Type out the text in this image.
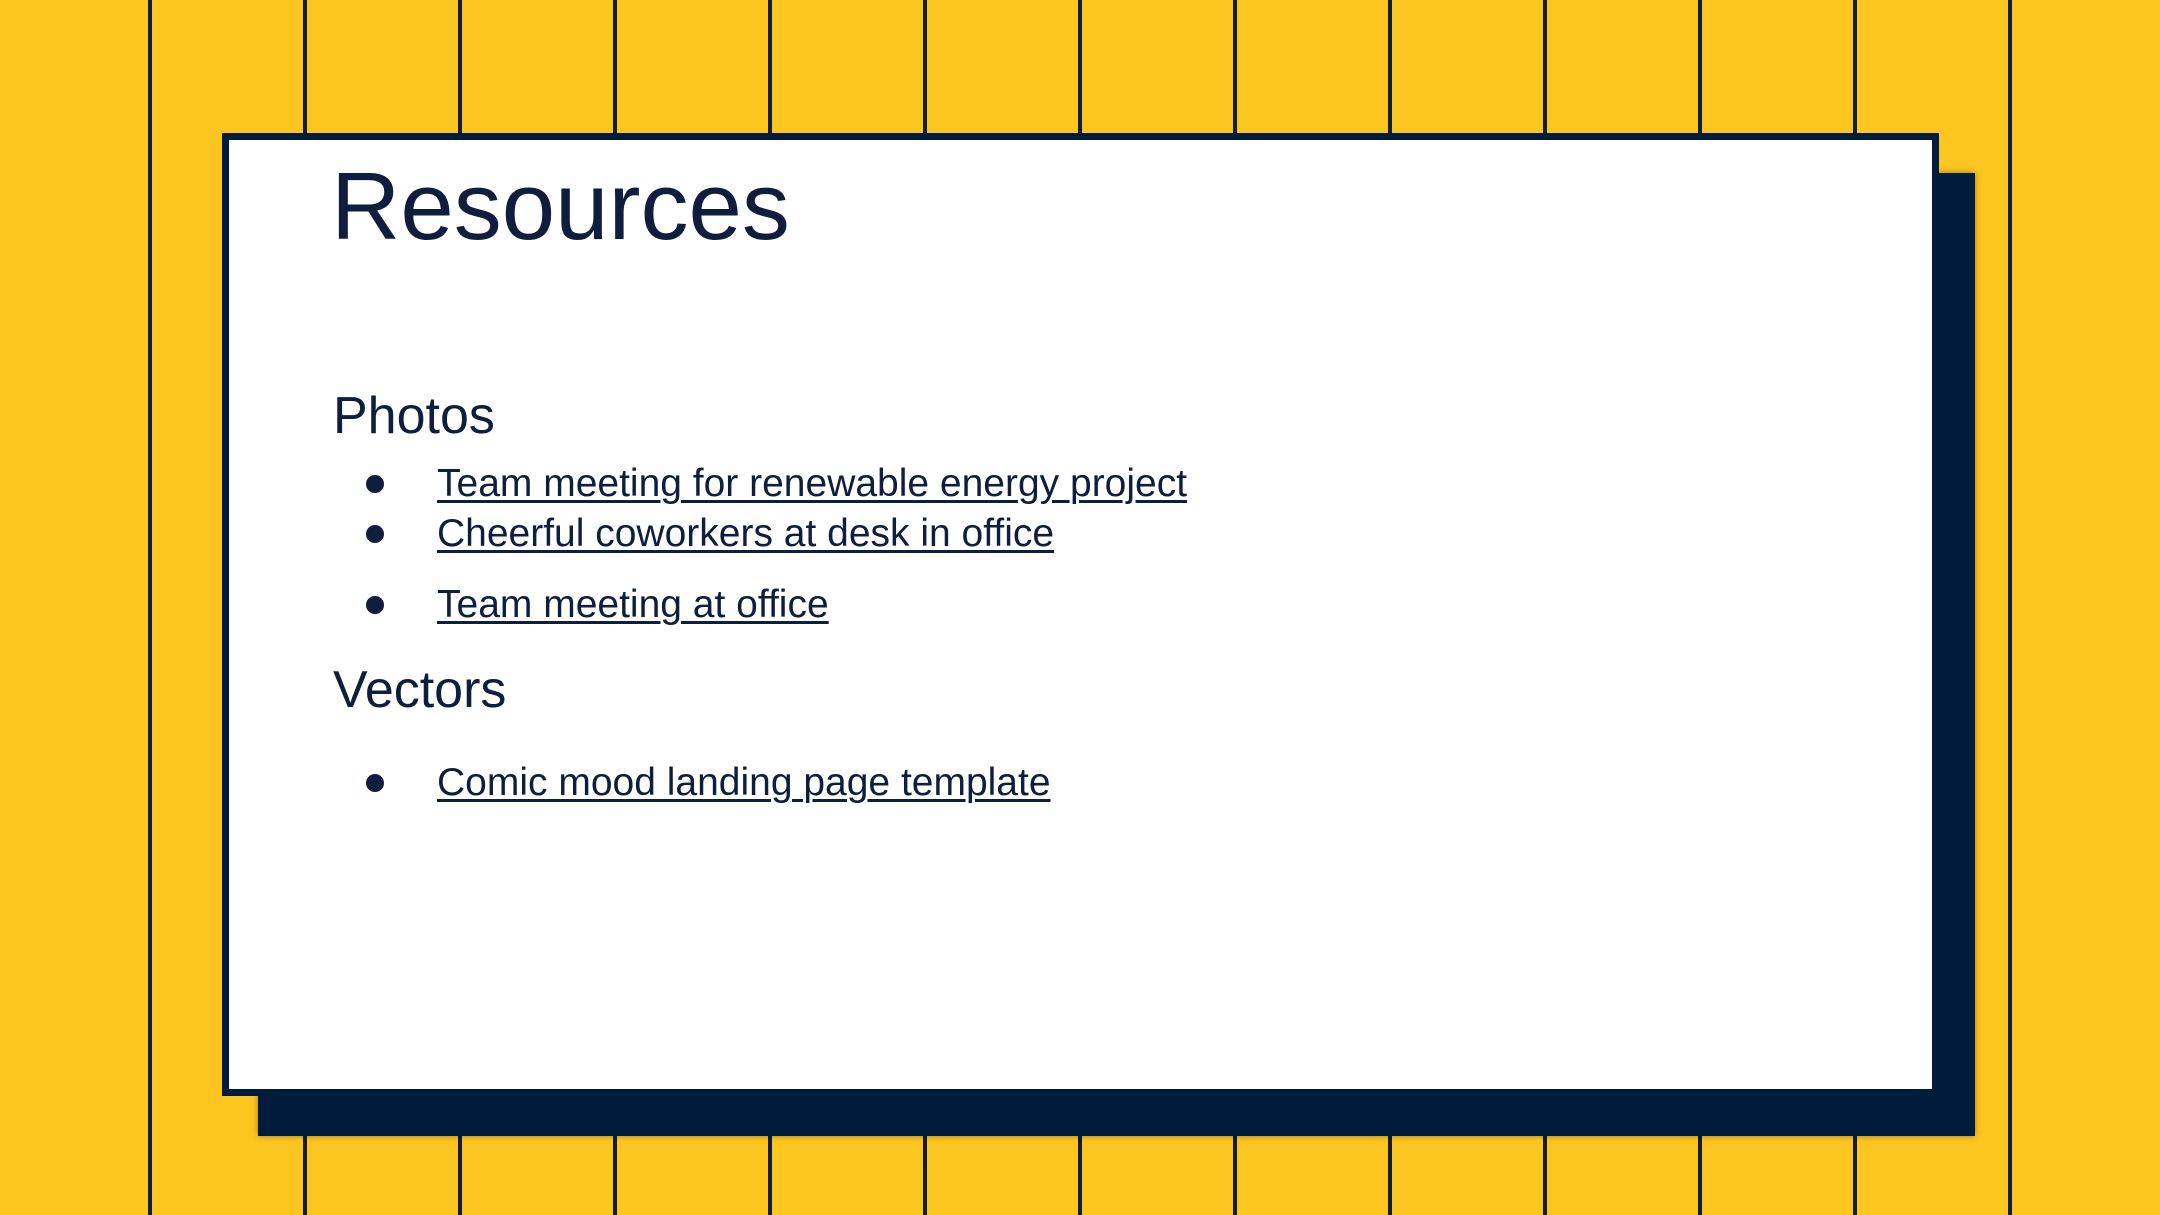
Resources
Photos
Team meeting for renewable energy project
Cheerful coworkers at desk in office
Team meeting at office
Vectors
Comic mood landing page template
